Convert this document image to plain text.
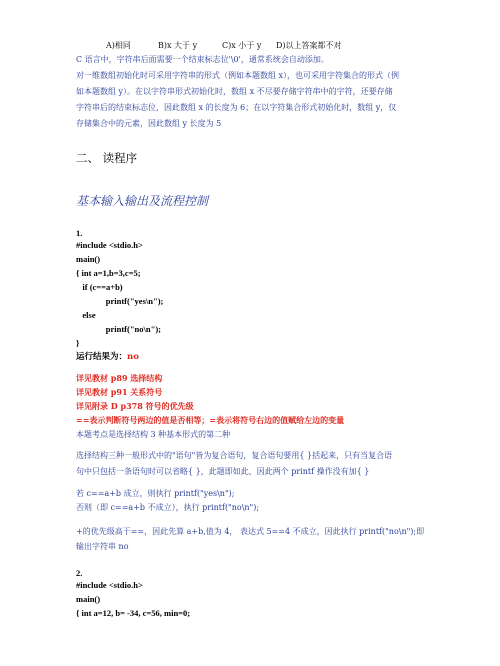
A)相同	B)x 大于 y	C)x 小于 y D)以上答案都不对
C 语言中，字符串后面需要一个结束标志位'\0'，通常系统会自动添加。
对一维数组初始化时可采用字符串的形式（例如本题数组 x），也可采用字符集合的形式（例
如本题数组 y）。在以字符串形式初始化时，数组 x 不尽要存储字符串中的字符，还要存储
字符串后的结束标志位，因此数组 x 的长度为 6；在以字符集合形式初始化时，数组 y，仅
存储集合中的元素，因此数组 y 长度为 5
二、 读程序
基本输入输出及流程控制
1.
#include <stdio.h>
main()
{ int a=1,b=3,c=5;
if (c==a+b)
printf("yes\n");
else
printf("no\n");
}
运行结果为：no
详见教材 p89 选择结构
详见教材 p91 关系符号
详见附录 D p378 符号的优先级
==表示判断符号两边的值是否相等；=表示将符号右边的值赋给左边的变量
本题考点是选择结构 3 种基本形式的第二种
选择结构三种一般形式中的"语句"皆为复合语句，复合语句要用{ }括起来，只有当复合语
句中只包括一条语句时可以省略{ }，此题即如此，因此两个 printf 操作没有加{ }
若 c==a+b 成立，则执行 printf("yes\n");
否则（即 c==a+b 不成立），执行 printf("no\n");
+的优先级高于==，因此先算 a+b,值为 4， 表达式 5==4 不成立，因此执行 printf("no\n");即
输出字符串 no
2.
#include <stdio.h>
main()
{ int a=12, b= -34, c=56, min=0;
